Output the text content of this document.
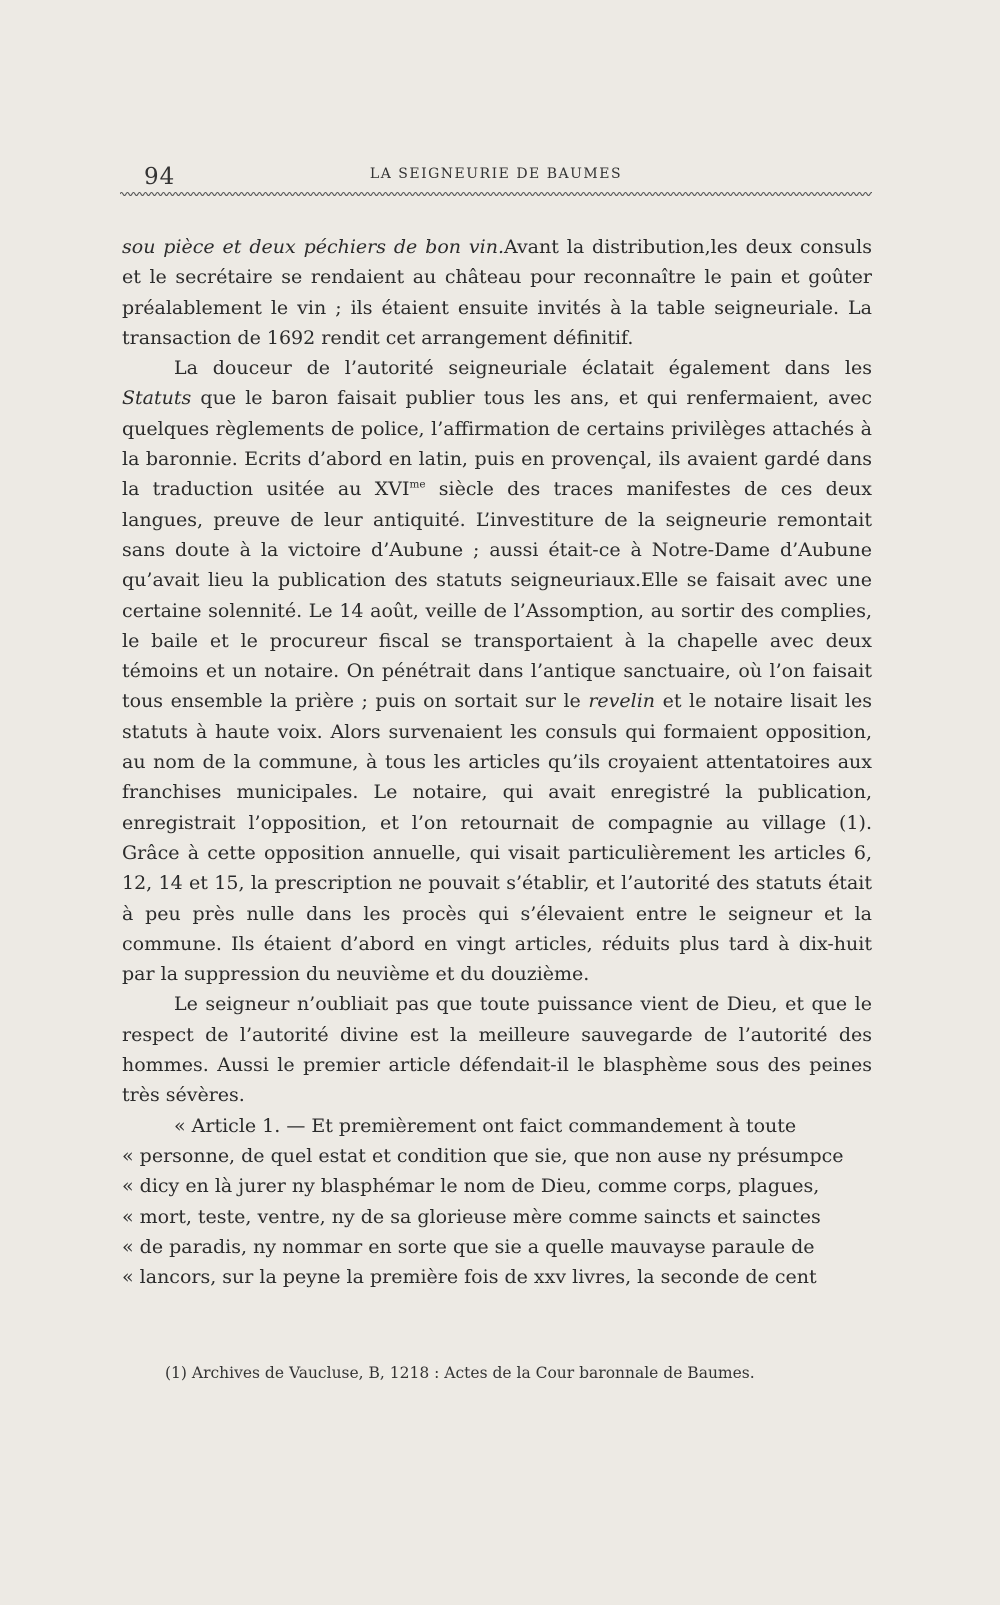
94	LA SEIGNEURIE DE BAUMES

sou pièce et deux péchiers de bon vin.Avant la distribution,les deux consuls et le secrétaire se rendaient au château pour reconnaître le pain et goûter préalablement le vin ; ils étaient ensuite invités à la table seigneuriale. La transaction de 1692 rendit cet arrangement définitif.

La douceur de l’autorité seigneuriale éclatait également dans les Statuts que le baron faisait publier tous les ans, et qui renfermaient, avec quelques règlements de police, l’affirmation de certains privilèges attachés à la baronnie. Ecrits d’abord en latin, puis en provençal, ils avaient gardé dans la traduction usitée au $XVI^{me}$ siècle des traces manifestes de ces deux langues, preuve de leur antiquité. L’investiture de la seigneurie remontait sans doute à la victoire d’Aubune ; aussi était-ce à Notre-Dame d’Aubune qu’avait lieu la publication des statuts seigneuriaux.Elle se faisait avec une certaine solennité. Le 14 août, veille de l’Assomption, au sortir des complies, le baile et le procureur fiscal se transportaient à la chapelle avec deux témoins et un notaire. On pénétrait dans l’antique sanctuaire, où l’on faisait tous ensemble la prière ; puis on sortait sur le revelin et le notaire lisait les statuts à haute voix. Alors survenaient les consuls qui formaient opposition, au nom de la commune, à tous les articles qu’ils croyaient attentatoires aux franchises municipales. Le notaire, qui avait enregistré la publication, enregistrait l’opposition, et l’on retournait de compagnie au village (1). Grâce à cette opposition annuelle, qui visait particulièrement les articles 6, 12, 14 et 15, la prescription ne pouvait s’établir, et l’autorité des statuts était à peu près nulle dans les procès qui s’élevaient entre le seigneur et la commune. Ils étaient d’abord en vingt articles, réduits plus tard à dix-huit par la suppression du neuvième et du douzième.

Le seigneur n’oubliait pas que toute puissance vient de Dieu, et que le respect de l’autorité divine est la meilleure sauvegarde de l’autorité des hommes. Aussi le premier article défendait-il le blasphème sous des peines très sévères.

« Article 1. — Et premièrement ont faict commandement à toute
« personne, de quel estat et condition que sie, que non ause ny présumpce
« dicy en là jurer ny blasphémar le nom de Dieu, comme corps, plagues,
« mort, teste, ventre, ny de sa glorieuse mère comme saincts et sainctes
« de paradis, ny nommar en sorte que sie a quelle mauvayse paraule de
« lancors, sur la peyne la première fois de xxv livres, la seconde de cent
(1) Archives de Vaucluse, B, 1218 : Actes de la Cour baronnale de Baumes.
